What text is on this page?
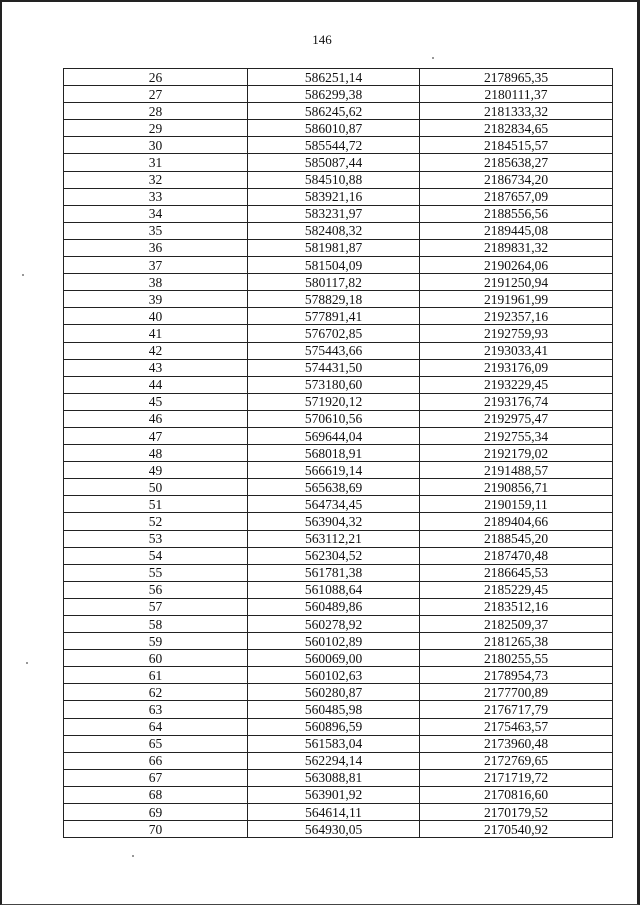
146
26	586251,14	2178965,35
27	586299,38	2180111,37
28	586245,62	2181333,32
29	586010,87	2182834,65
30	585544,72	2184515,57
31	585087,44	2185638,27
32	584510,88	2186734,20
33	583921,16	2187657,09
34	583231,97	2188556,56
35	582408,32	2189445,08
36	581981,87	2189831,32
37	581504,09	2190264,06
38	580117,82	2191250,94
39	578829,18	2191961,99
40	577891,41	2192357,16
41	576702,85	2192759,93
42	575443,66	2193033,41
43	574431,50	2193176,09
44	573180,60	2193229,45
45	571920,12	2193176,74
46	570610,56	2192975,47
47	569644,04	2192755,34
48	568018,91	2192179,02
49	566619,14	2191488,57
50	565638,69	2190856,71
51	564734,45	2190159,11
52	563904,32	2189404,66
53	563112,21	2188545,20
54	562304,52	2187470,48
55	561781,38	2186645,53
56	561088,64	2185229,45
57	560489,86	2183512,16
58	560278,92	2182509,37
59	560102,89	2181265,38
60	560069,00	2180255,55
61	560102,63	2178954,73
62	560280,87	2177700,89
63	560485,98	2176717,79
64	560896,59	2175463,57
65	561583,04	2173960,48
66	562294,14	2172769,65
67	563088,81	2171719,72
68	563901,92	2170816,60
69	564614,11	2170179,52
70	564930,05	2170540,92
